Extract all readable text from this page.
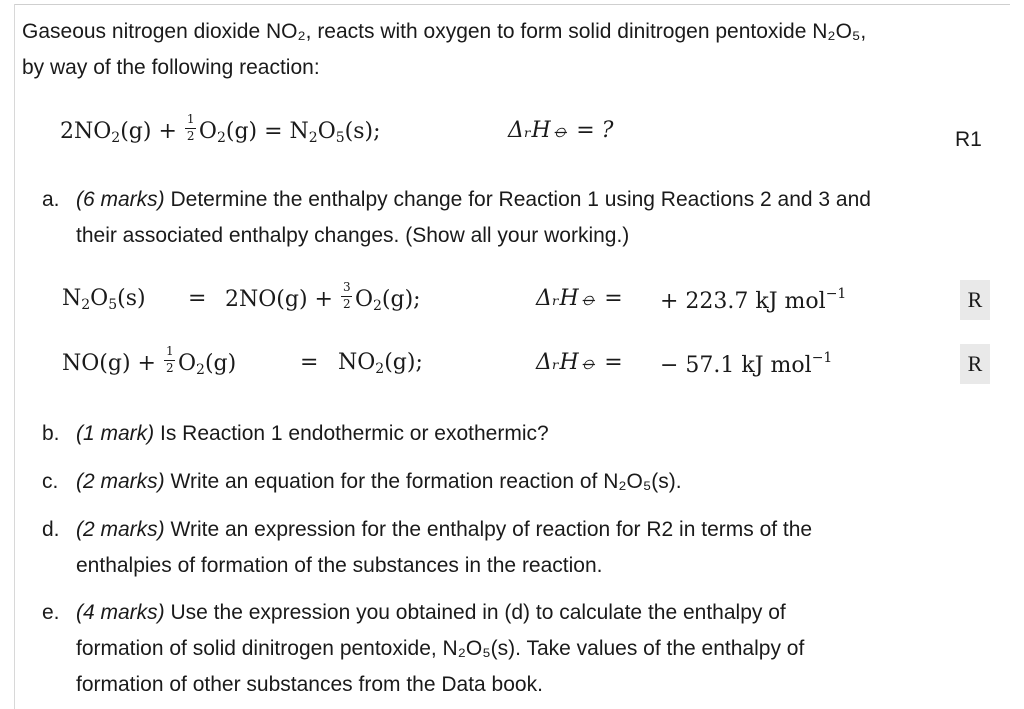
Gaseous nitrogen dioxide NO₂, reacts with oxygen to form solid dinitrogen pentoxide N₂O₅,
by way of the following reaction:
$2NO_2(g) + \frac{1}{2} O_2(g) = N_2O_5(s)$;	ΔᵣH⦵ = ?	R1
a. (6 marks) Determine the enthalpy change for Reaction 1 using Reactions 2 and 3 and
their associated enthalpy changes. (Show all your working.)
$N_2O_5(s) = 2NO(g) + \frac{3}{2} O_2(g)$;	ΔᵣH⦵ = + 223.7 kJ mol$^{-1}$	R
$NO(g) + \frac{1}{2} O_2(g)$	= $NO_2(g)$;	ΔᵣH⦵ = − 57.1 kJ mol$^{-1}$	R
b. (1 mark) Is Reaction 1 endothermic or exothermic?
c. (2 marks) Write an equation for the formation reaction of N₂O₅(s).
d. (2 marks) Write an expression for the enthalpy of reaction for R2 in terms of the
enthalpies of formation of the substances in the reaction.
e. (4 marks) Use the expression you obtained in (d) to calculate the enthalpy of
formation of solid dinitrogen pentoxide, N₂O₅(s). Take values of the enthalpy of
formation of other substances from the Data book.
